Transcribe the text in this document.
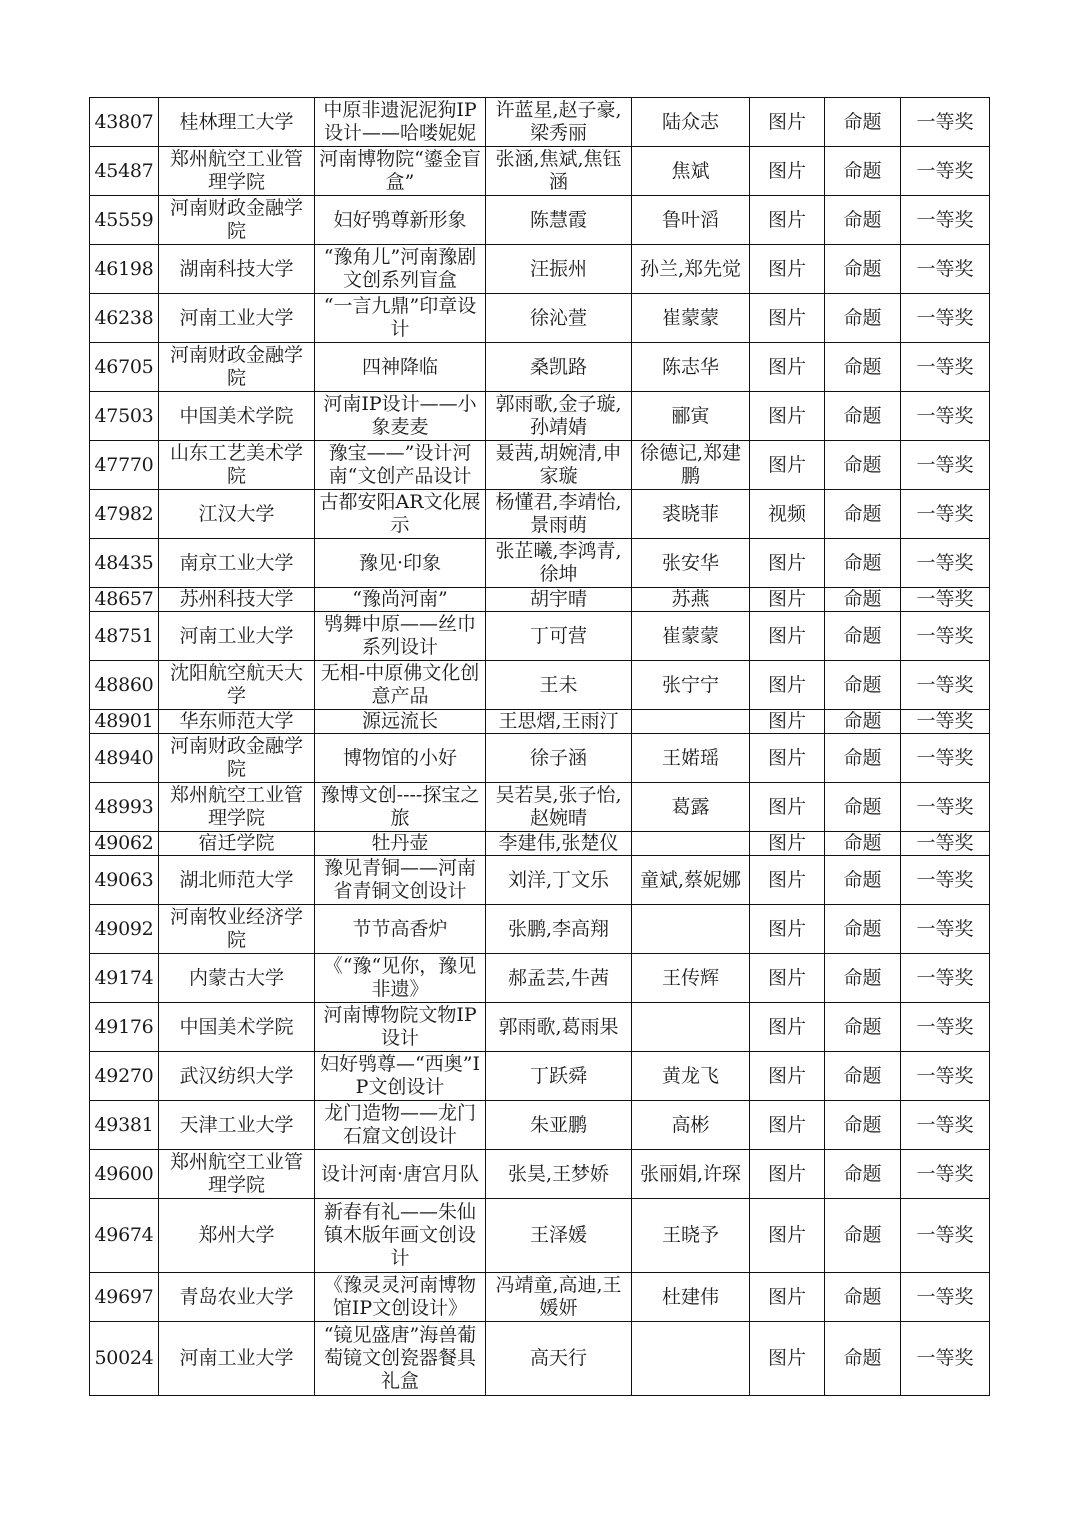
43807	桂林理工大学	中原非遗泥泥狗IP设计——哈喽妮妮	许蓝星,赵子豪,梁秀丽	陆众志	图片	命题	一等奖
45487	郑州航空工业管理学院	河南博物院“鎏金盲盒”	张涵,焦斌,焦钰涵	焦斌	图片	命题	一等奖
45559	河南财政金融学院	妇好鸮尊新形象	陈慧霞	鲁叶滔	图片	命题	一等奖
46198	湖南科技大学	“豫角儿”河南豫剧文创系列盲盒	汪振州	孙兰,郑先觉	图片	命题	一等奖
46238	河南工业大学	“一言九鼎”印章设计	徐沁萱	崔蒙蒙	图片	命题	一等奖
46705	河南财政金融学院	四神降临	桑凯路	陈志华	图片	命题	一等奖
47503	中国美术学院	河南IP设计——小象麦麦	郭雨歌,金子璇,孙靖婧	郦寅	图片	命题	一等奖
47770	山东工艺美术学院	豫宝——”设计河南“文创产品设计	聂茜,胡婉清,申家璇	徐德记,郑建鹏	图片	命题	一等奖
47982	江汉大学	古都安阳AR文化展示	杨懂君,李靖怡,景雨萌	裘晓菲	视频	命题	一等奖
48435	南京工业大学	豫见·印象	张芷曦,李鸿青,徐坤	张安华	图片	命题	一等奖
48657	苏州科技大学	“豫尚河南”	胡宇晴	苏燕	图片	命题	一等奖
48751	河南工业大学	鸮舞中原——丝巾系列设计	丁可营	崔蒙蒙	图片	命题	一等奖
48860	沈阳航空航天大学	无相-中原佛文化创意产品	王未	张宁宁	图片	命题	一等奖
48901	华东师范大学	源远流长	王思熠,王雨汀		图片	命题	一等奖
48940	河南财政金融学院	博物馆的小好	徐子涵	王婼瑶	图片	命题	一等奖
48993	郑州航空工业管理学院	豫博文创----探宝之旅	吴若昊,张子怡,赵婉晴	葛露	图片	命题	一等奖
49062	宿迁学院	牡丹壶	李建伟,张楚仪		图片	命题	一等奖
49063	湖北师范大学	豫见青铜——河南省青铜文创设计	刘洋,丁文乐	童斌,蔡妮娜	图片	命题	一等奖
49092	河南牧业经济学院	节节高香炉	张鹏,李高翔		图片	命题	一等奖
49174	内蒙古大学	《“豫“见你，豫见非遗》	郝孟芸,牛茜	王传辉	图片	命题	一等奖
49176	中国美术学院	河南博物院文物IP设计	郭雨歌,葛雨果		图片	命题	一等奖
49270	武汉纺织大学	妇好鸮尊—“西奥”IP文创设计	丁跃舜	黄龙飞	图片	命题	一等奖
49381	天津工业大学	龙门造物——龙门石窟文创设计	朱亚鹏	高彬	图片	命题	一等奖
49600	郑州航空工业管理学院	设计河南·唐宫月队	张昊,王梦娇	张丽娟,许琛	图片	命题	一等奖
49674	郑州大学	新春有礼——朱仙镇木版年画文创设计	王泽媛	王晓予	图片	命题	一等奖
49697	青岛农业大学	《豫灵灵河南博物馆IP文创设计》	冯靖童,高迪,王媛妍	杜建伟	图片	命题	一等奖
50024	河南工业大学	“镜见盛唐”海兽葡萄镜文创瓷器餐具礼盒	高天行		图片	命题	一等奖
